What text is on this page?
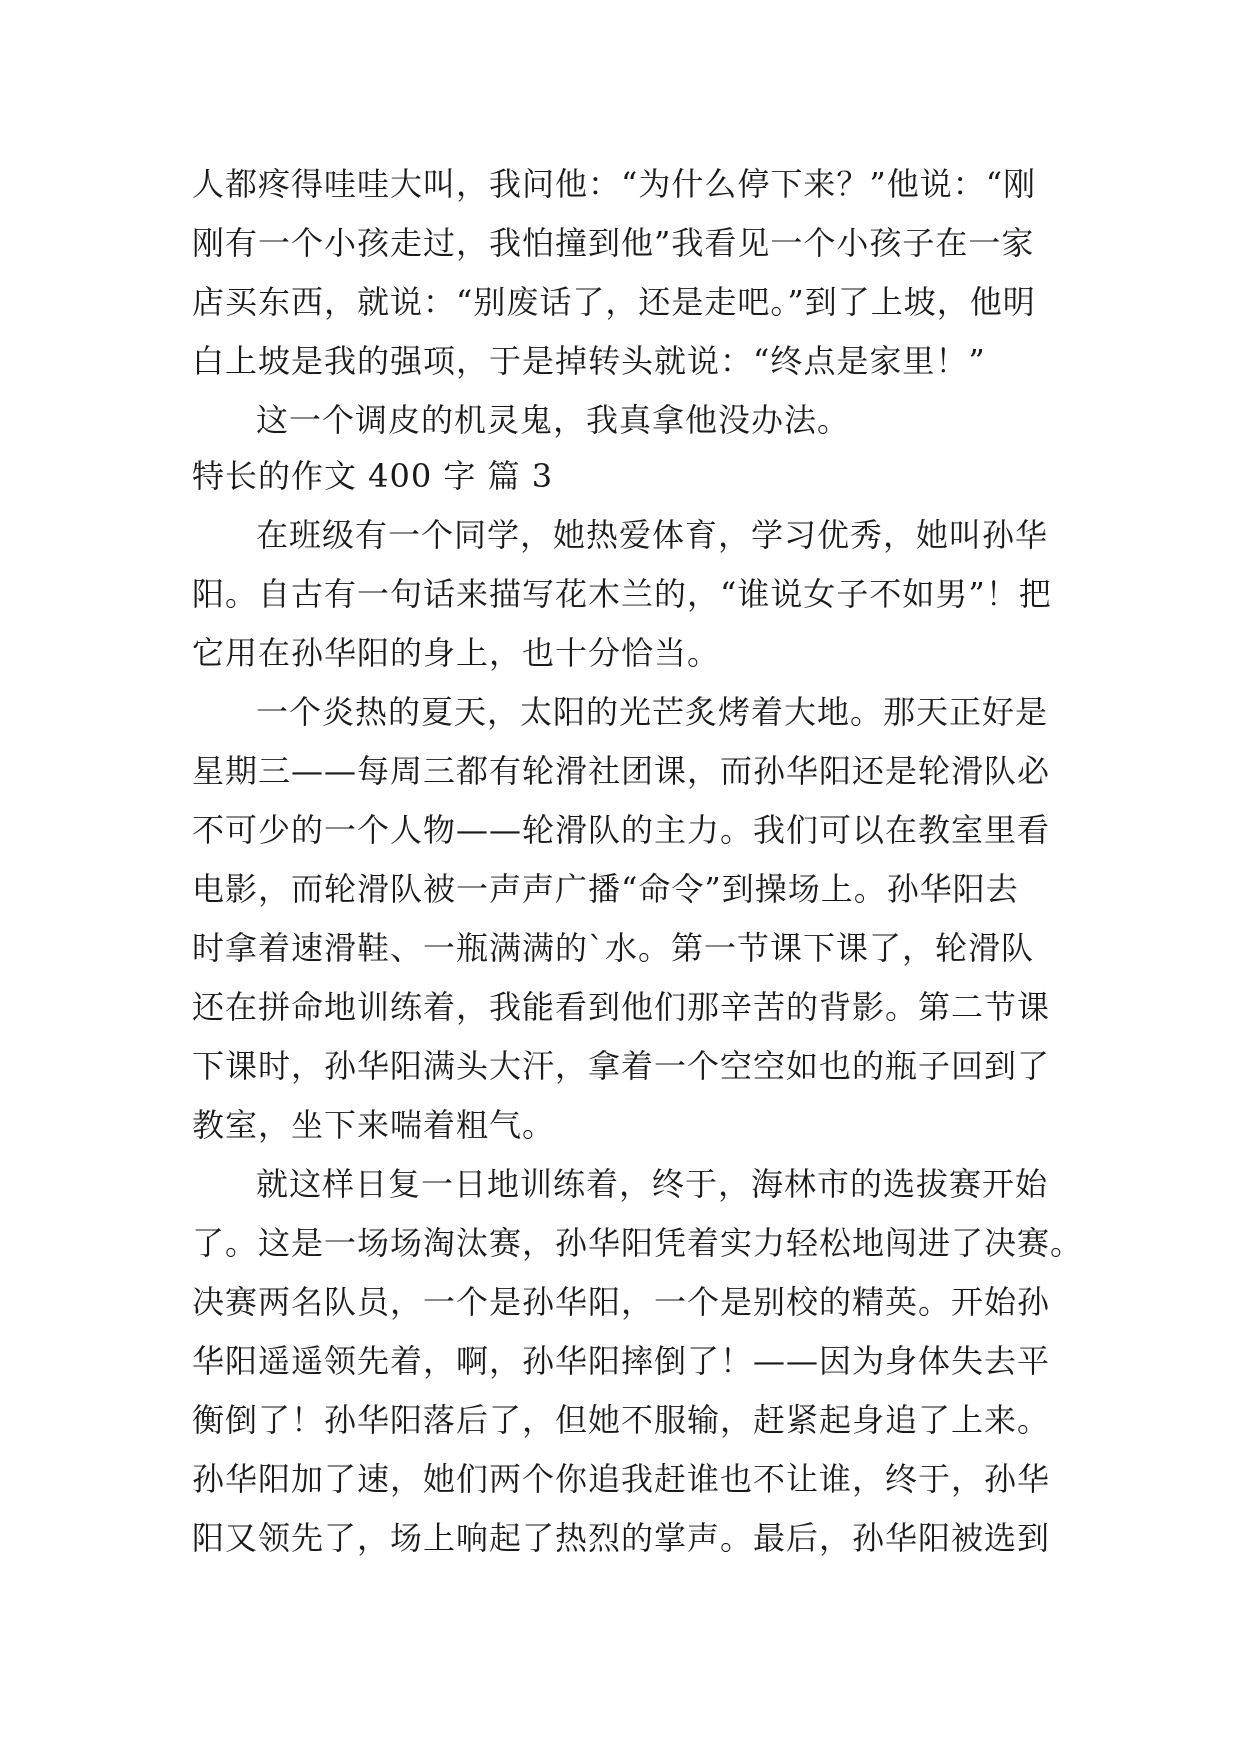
人都疼得哇哇大叫，我问他：“为什么停下来？”他说：“刚
刚有一个小孩走过，我怕撞到他”我看见一个小孩子在一家
店买东西，就说：“别废话了，还是走吧。”到了上坡，他明
白上坡是我的强项，于是掉转头就说：“终点是家里！”
这一个调皮的机灵鬼，我真拿他没办法。
特长的作文 400 字 篇 3
在班级有一个同学，她热爱体育，学习优秀，她叫孙华
阳。自古有一句话来描写花木兰的，“谁说女子不如男”！把
它用在孙华阳的身上，也十分恰当。
一个炎热的夏天，太阳的光芒炙烤着大地。那天正好是
星期三——每周三都有轮滑社团课，而孙华阳还是轮滑队必
不可少的一个人物——轮滑队的主力。我们可以在教室里看
电影，而轮滑队被一声声广播“命令”到操场上。孙华阳去
时拿着速滑鞋、一瓶满满的`水。第一节课下课了，轮滑队
还在拼命地训练着，我能看到他们那辛苦的背影。第二节课
下课时，孙华阳满头大汗，拿着一个空空如也的瓶子回到了
教室，坐下来喘着粗气。
就这样日复一日地训练着，终于，海林市的选拔赛开始
了。这是一场场淘汰赛，孙华阳凭着实力轻松地闯进了决赛。
决赛两名队员，一个是孙华阳，一个是别校的精英。开始孙
华阳遥遥领先着，啊，孙华阳摔倒了！——因为身体失去平
衡倒了！孙华阳落后了，但她不服输，赶紧起身追了上来。
孙华阳加了速，她们两个你追我赶谁也不让谁，终于，孙华
阳又领先了，场上响起了热烈的掌声。最后，孙华阳被选到
